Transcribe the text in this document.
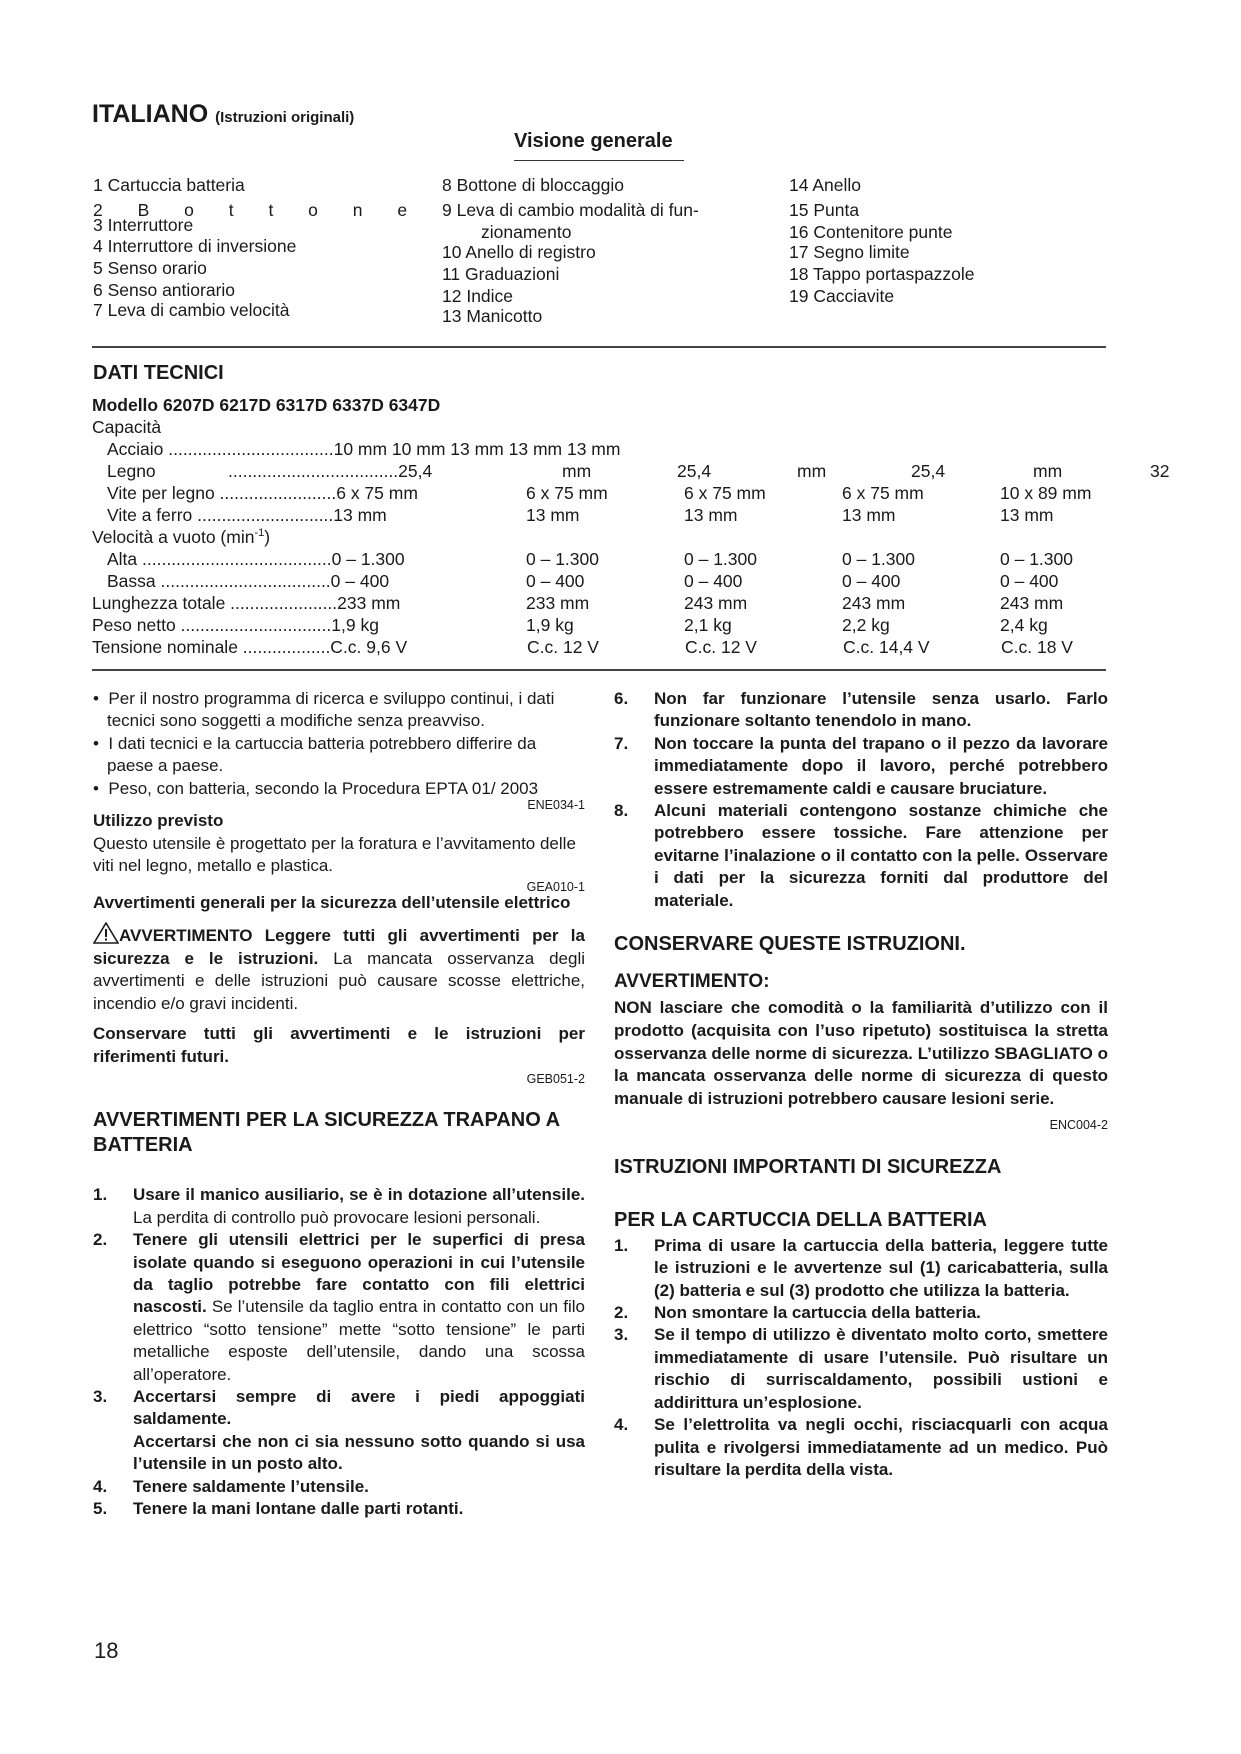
ITALIANO (Istruzioni originali)
Visione generale
1 Cartuccia batteria
2 B o t t o n e
3 Interruttore
4 Interruttore di inversione
5 Senso orario
6 Senso antiorario
7 Leva di cambio velocità
8 Bottone di bloccaggio
9 Leva di cambio modalità di fun-
zionamento
10 Anello di registro
11 Graduazioni
12 Indice
13 Manicotto
14 Anello
15 Punta
16 Contenitore punte
17 Segno limite
18 Tappo portaspazzole
19 Cacciavite
DATI TECNICI
Modello 6207D 6217D 6317D 6337D 6347D
Capacità
Acciaio ..................................10 mm 10 mm 13 mm 13 mm 13 mm
Legno	...................................25,4	mm	25,4	mm	25,4	mm	32
Vite per legno ........................6 x 75 mm	6 x 75 mm	6 x 75 mm	6 x 75 mm	10 x 89 mm
Vite a ferro ............................13 mm	13 mm	13 mm	13 mm	13 mm
Velocità a vuoto $(\min^{-1})$
Alta .......................................0 – 1.300	0 – 1.300	0 – 1.300	0 – 1.300	0 – 1.300
Bassa ...................................0 – 400	0 – 400	0 – 400	0 – 400	0 – 400
Lunghezza totale ......................233 mm	233 mm	243 mm	243 mm	243 mm
Peso netto ...............................1,9 kg	1,9 kg	2,1 kg	2,2 kg	2,4 kg
Tensione nominale ..................C.c. 9,6 V	C.c. 12 V	C.c. 12 V	C.c. 14,4 V	C.c. 18 V

•  Per il nostro programma di ricerca e sviluppo continui, i dati tecnici sono soggetti a modifiche senza preavviso.

•  I dati tecnici e la cartuccia batteria potrebbero differire da paese a paese.

•  Peso, con batteria, secondo la Procedura EPTA 01/ 2003

ENE034-1

Utilizzo previsto

Questo utensile è progettato per la foratura e l’avvitamento delle viti nel legno, metallo e plastica.

GEA010-1

Avvertimenti generali per la sicurezza dell’utensile elettrico

AVVERTIMENTO Leggere tutti gli avvertimenti per la sicurezza e le istruzioni. La mancata osservanza degli avvertimenti e delle istruzioni può causare scosse elettriche, incendio e/o gravi incidenti.

Conservare tutti gli avvertimenti e le istruzioni per riferimenti futuri.

GEB051-2

AVVERTIMENTI PER LA SICUREZZA TRAPANO A BATTERIA

1.	Usare il manico ausiliario, se è in dotazione all’utensile. La perdita di controllo può provocare lesioni personali.
2.	Tenere gli utensili elettrici per le superfici di presa isolate quando si eseguono operazioni in cui l’utensile da taglio potrebbe fare contatto con fili elettrici nascosti. Se l’utensile da taglio entra in contatto con un filo elettrico “sotto tensione” mette “sotto tensione” le parti metalliche esposte dell’utensile, dando una scossa all’operatore.
3.	Accertarsi sempre di avere i piedi appoggiati saldamente.
Accertarsi che non ci sia nessuno sotto quando si usa l’utensile in un posto alto.
4.	Tenere saldamente l’utensile.
5.	Tenere la mani lontane dalle parti rotanti.
6.	Non far funzionare l’utensile senza usarlo. Farlo funzionare soltanto tenendolo in mano.
7.	Non toccare la punta del trapano o il pezzo da lavorare immediatamente dopo il lavoro, perché potrebbero essere estremamente caldi e causare bruciature.
8.	Alcuni materiali contengono sostanze chimiche che potrebbero essere tossiche. Fare attenzione per evitarne l’inalazione o il contatto con la pelle. Osservare i dati per la sicurezza forniti dal produttore del materiale.

CONSERVARE QUESTE ISTRUZIONI.

AVVERTIMENTO:

NON lasciare che comodità o la familiarità d’utilizzo con il prodotto (acquisita con l’uso ripetuto) sostituisca la stretta osservanza delle norme di sicurezza. L’utilizzo SBAGLIATO o la mancata osservanza delle norme di sicurezza di questo manuale di istruzioni potrebbero causare lesioni serie.

ENC004-2

ISTRUZIONI IMPORTANTI DI SICUREZZA

PER LA CARTUCCIA DELLA BATTERIA

1.	Prima di usare la cartuccia della batteria, leggere tutte le istruzioni e le avvertenze sul (1) caricabatteria, sulla (2) batteria e sul (3) prodotto che utilizza la batteria.
2.	Non smontare la cartuccia della batteria.
3.	Se il tempo di utilizzo è diventato molto corto, smettere immediatamente di usare l’utensile. Può risultare un rischio di surriscaldamento, possibili ustioni e addirittura un’esplosione.
4.	Se l’elettrolita va negli occhi, risciacquarli con acqua pulita e rivolgersi immediatamente ad un medico. Può risultare la perdita della vista.
18
